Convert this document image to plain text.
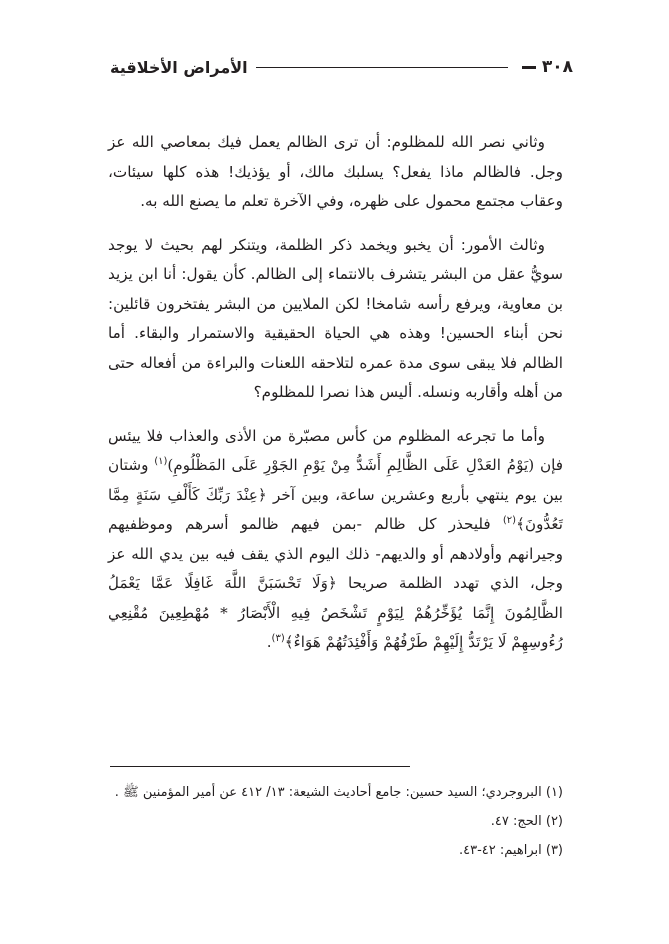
٣٠٨
الأمراض الأخلاقية

وثاني نصر الله للمظلوم: أن ترى الظالم يعمل فيك بمعاصي الله عز وجل. فالظالم ماذا يفعل؟ يسلبك مالك، أو يؤذيك! هذه كلها سيئات، وعقاب مجتمع محمول على ظهره، وفي الآخرة تعلم ما يصنع الله به.

وثالث الأمور: أن يخبو ويخمد ذكر الظلمة، ويتنكر لهم بحيث لا يوجد سويُّ عقل من البشر يتشرف بالانتماء إلى الظالم. كأن يقول: أنا ابن يزيد بن معاوية، ويرفع رأسه شامخا! لكن الملايين من البشر يفتخرون قائلين: نحن أبناء الحسين! وهذه هي الحياة الحقيقية والاستمرار والبقاء. أما الظالم فلا يبقى سوى مدة عمره لتلاحقه اللعنات والبراءة من أفعاله حتى من أهله وأقاربه ونسله. أليس هذا نصرا للمظلوم؟

وأما ما تجرعه المظلوم من كأس مصبّرة من الأذى والعذاب فلا ييئس فإن (يَوْمُ العَدْلِ عَلَى الظَّالِمِ أَشَدُّ مِنْ يَوْمِ الجَوْرِ عَلَى المَظْلُومِ)$^{(١)}$ وشتان بين يوم ينتهي بأربع وعشرين ساعة، وبين آخر ﴿عِنْدَ رَبِّكَ كَأَلْفِ سَنَةٍ مِمَّا تَعُدُّونَ﴾$^{(٢)}$ فليحذر كل ظالم -بمن فيهم ظالمو أسرهم وموظفيهم وجيرانهم وأولادهم أو والديهم- ذلك اليوم الذي يقف فيه بين يدي الله عز وجل، الذي تهدد الظلمة صريحا ﴿وَلَا تَحْسَبَنَّ اللَّهَ غَافِلًا عَمَّا يَعْمَلُ الظَّالِمُونَ إِنَّمَا يُؤَخِّرُهُمْ لِيَوْمٍ تَشْخَصُ فِيهِ الْأَبْصَارُ * مُهْطِعِينَ مُقْنِعِي رُءُوسِهِمْ لَا يَرْتَدُّ إِلَيْهِمْ طَرْفُهُمْ وَأَفْئِدَتُهُمْ هَوَاءٌ﴾$^{(٣)}$.

(١) البروجردي؛ السيد حسين: جامع أحاديث الشيعة: ١٣/ ٤١٢ عن أمير المؤمنين ﷺ .
(٢) الحج: ٤٧.
(٣) ابراهيم: ٤٢-٤٣.
